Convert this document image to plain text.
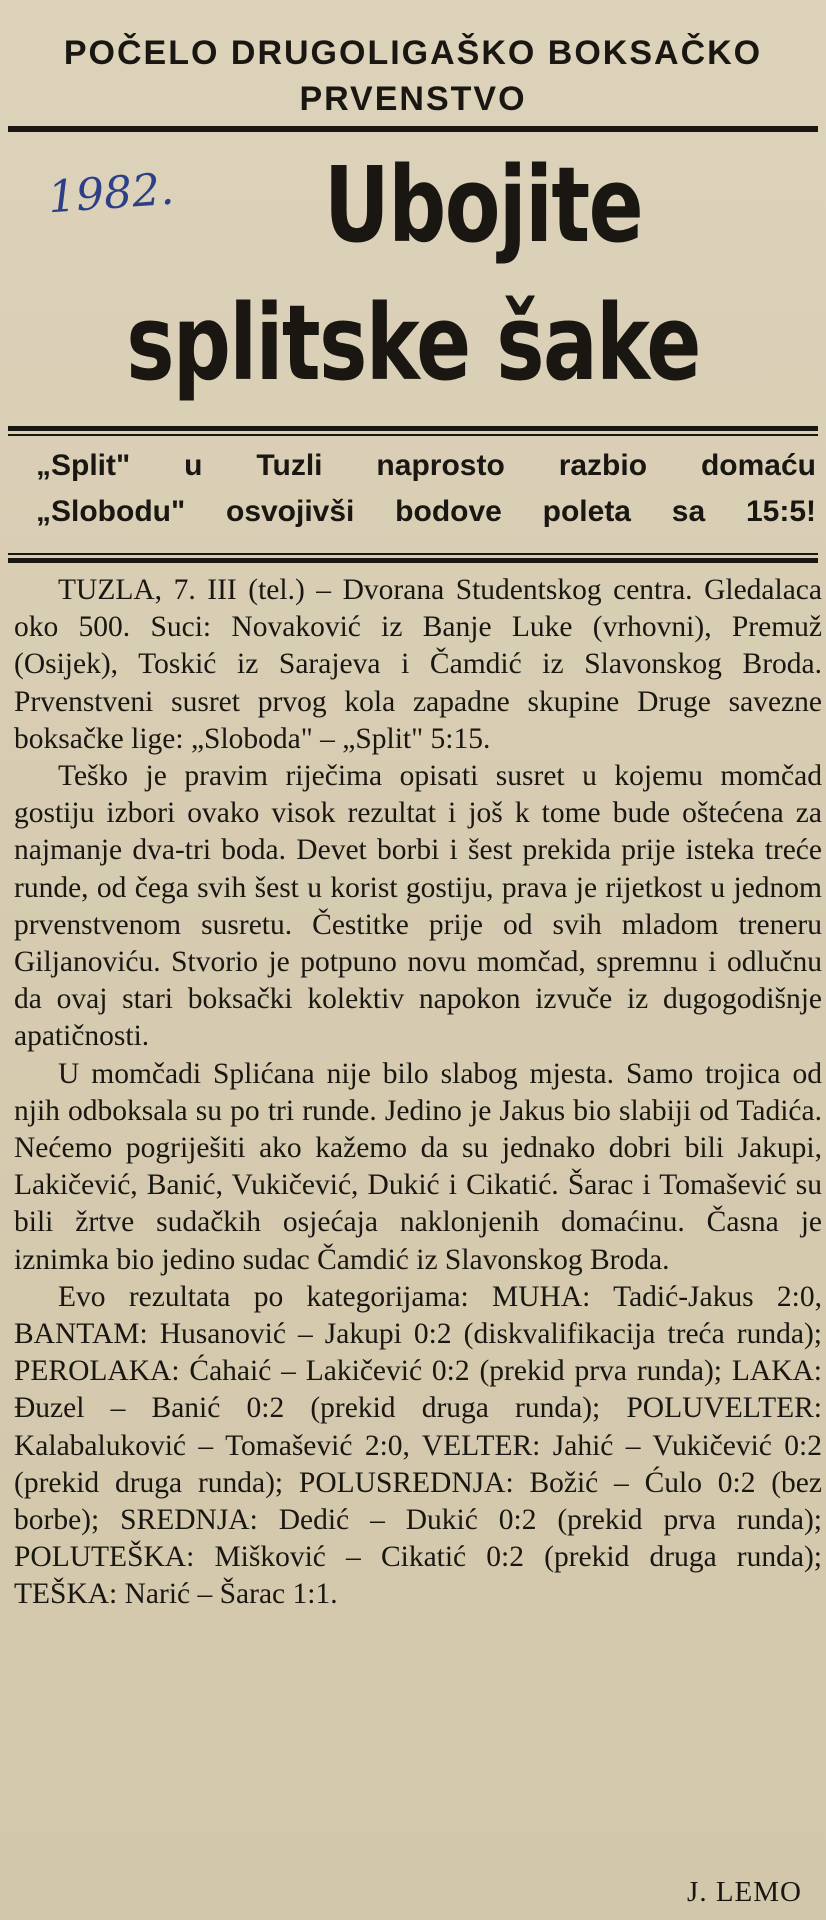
POČELO DRUGOLIGAŠKO BOKSAČKO
PRVENSTVO
1982.	Ubojite
splitske šake
„Split" u Tuzli naprosto razbio domaću
„Slobodu" osvojivši bodove poleta sa 15:5!

TUZLA, 7. III (tel.) – Dvorana Studentskog centra. Gledalaca oko 500. Suci: Novaković iz Banje Luke (vrhovni), Premuž (Osijek), Toskić iz Sarajeva i Čamdić iz Slavonskog Broda. Prvenstveni susret prvog kola zapadne skupine Druge savezne boksačke lige: „Sloboda" – „Split" 5:15.

Teško je pravim riječima opisati susret u kojemu momčad gostiju izbori ovako visok rezultat i još k tome bude oštećena za najmanje dva-tri boda. Devet borbi i šest prekida prije isteka treće runde, od čega svih šest u korist gostiju, prava je rijetkost u jednom prvenstvenom susretu. Čestitke prije od svih mladom treneru Giljanoviću. Stvorio je potpuno novu momčad, spremnu i odlučnu da ovaj stari boksački kolektiv napokon izvuče iz dugogodišnje apatičnosti.

U momčadi Splićana nije bilo slabog mjesta. Samo trojica od njih odboksala su po tri runde. Jedino je Jakus bio slabiji od Tadića. Nećemo pogriješiti ako kažemo da su jednako dobri bili Jakupi, Lakičević, Banić, Vukičević, Dukić i Cikatić. Šarac i Tomašević su bili žrtve sudačkih osjećaja naklonjenih domaćinu. Časna je iznimka bio jedino sudac Čamdić iz Slavonskog Broda.

Evo rezultata po kategorijama: MUHA: Tadić-Jakus 2:0, BANTAM: Husanović – Jakupi 0:2 (diskvalifikacija treća runda); PEROLAKA: Ćahaić – Lakičević 0:2 (prekid prva runda); LAKA: Đuzel – Banić 0:2 (prekid druga runda); POLUVELTER: Kalabaluković – Tomašević 2:0, VELTER: Jahić – Vukičević 0:2 (prekid druga runda); POLUSREDNJA: Božić – Ćulo 0:2 (bez borbe); SREDNJA: Dedić – Dukić 0:2 (prekid prva runda); POLUTEŠKA: Mišković – Cikatić 0:2 (prekid druga runda); TEŠKA: Narić – Šarac 1:1.

J. LEMO
